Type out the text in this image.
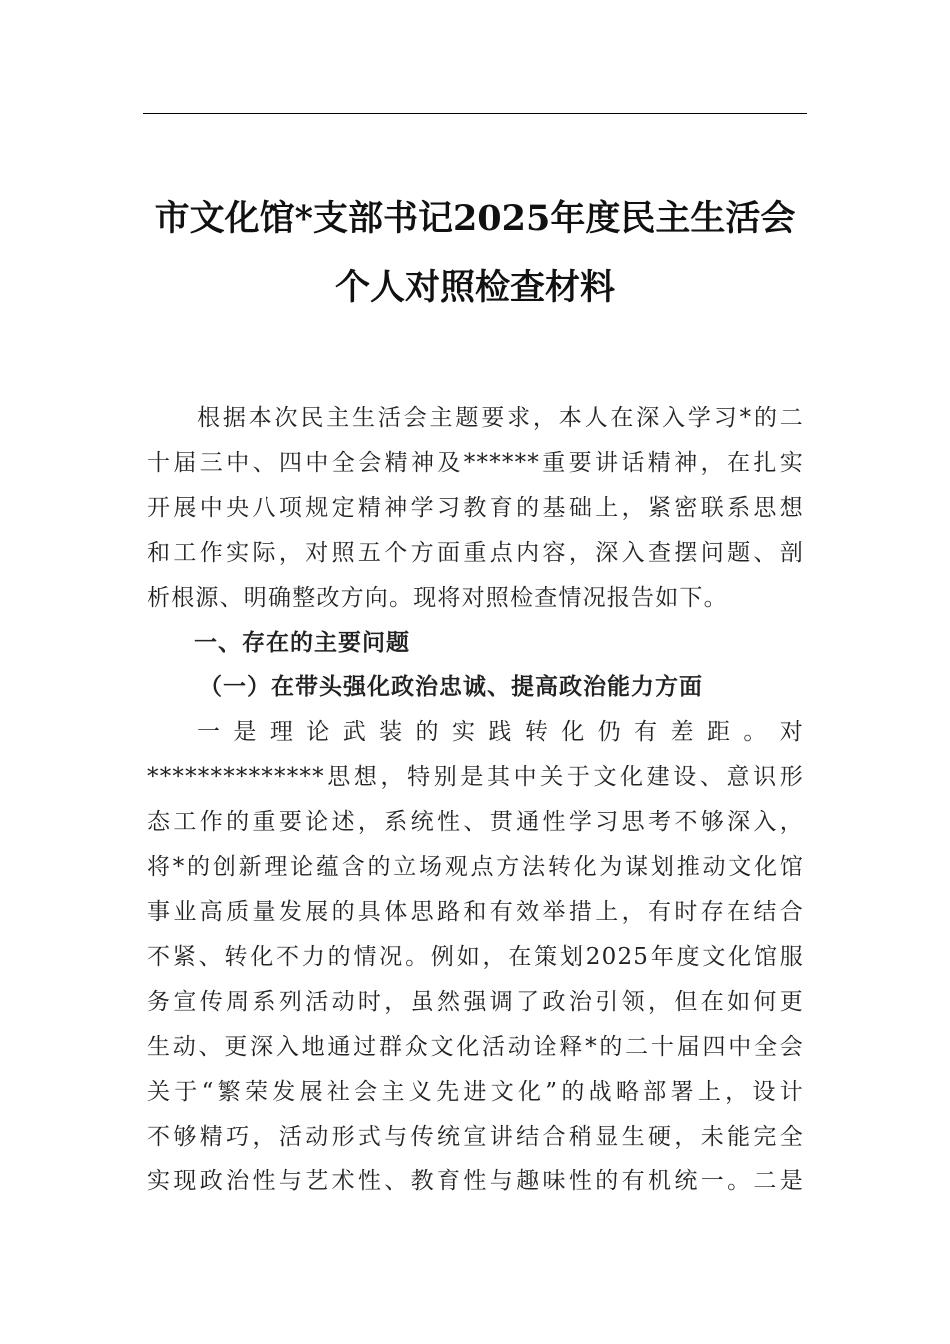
市文化馆*支部书记2025年度民主生活会
个人对照检查材料
根据本次民主生活会主题要求，本人在深入学习*的二
十届三中、四中全会精神及******重要讲话精神，在扎实
开展中央八项规定精神学习教育的基础上，紧密联系思想
和工作实际，对照五个方面重点内容，深入查摆问题、剖
析根源、明确整改方向。现将对照检查情况报告如下。

一、存在的主要问题

（一）在带头强化政治忠诚、提高政治能力方面

一是理论武装的实践转化仍有差距。对
**************思想，特别是其中关于文化建设、意识形
态工作的重要论述，系统性、贯通性学习思考不够深入，
将*的创新理论蕴含的立场观点方法转化为谋划推动文化馆
事业高质量发展的具体思路和有效举措上，有时存在结合
不紧、转化不力的情况。例如，在策划2025年度文化馆服
务宣传周系列活动时，虽然强调了政治引领，但在如何更
生动、更深入地通过群众文化活动诠释*的二十届四中全会
关于“繁荣发展社会主义先进文化”的战略部署上，设计
不够精巧，活动形式与传统宣讲结合稍显生硬，未能完全
实现政治性与艺术性、教育性与趣味性的有机统一。二是
